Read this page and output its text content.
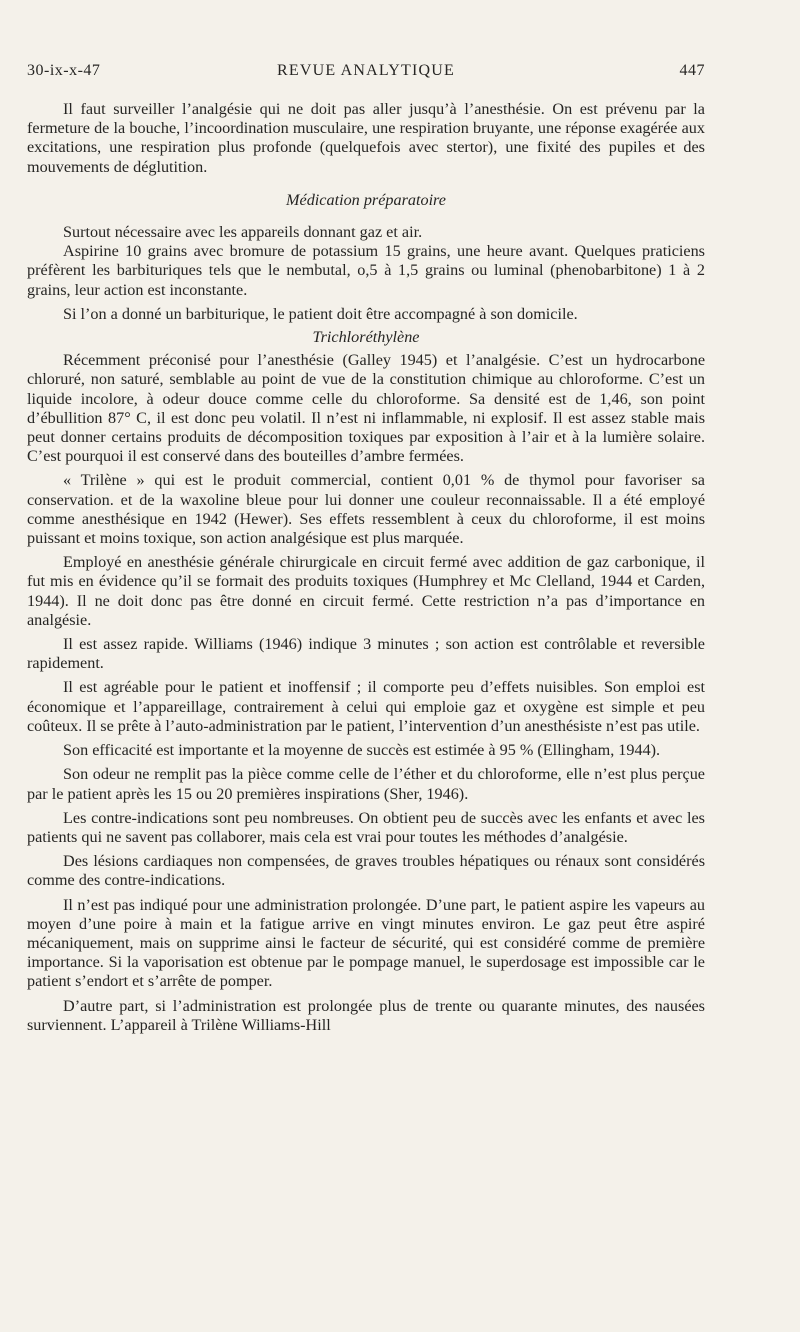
30-ix-x-47	REVUE ANALYTIQUE	447

Il faut surveiller l’analgésie qui ne doit pas aller jusqu’à l’anesthésie. On est prévenu par la fermeture de la bouche, l’incoordination musculaire, une respiration bruyante, une réponse exagérée aux excitations, une respiration plus profonde (quelquefois avec stertor), une fixité des pupiles et des mouvements de déglutition.

Médication préparatoire

Surtout nécessaire avec les appareils donnant gaz et air.

Aspirine 10 grains avec bromure de potassium 15 grains, une heure avant. Quelques praticiens préfèrent les barbituriques tels que le nembutal, o,5 à 1,5 grains ou luminal (phenobarbitone) 1 à 2 grains, leur action est inconstante.

Si l’on a donné un barbiturique, le patient doit être accompagné à son domicile.

Trichloréthylène

Récemment préconisé pour l’anesthésie (Galley 1945) et l’analgésie. C’est un hydrocarbone chloruré, non saturé, semblable au point de vue de la constitution chimique au chloroforme. C’est un liquide incolore, à odeur douce comme celle du chloroforme. Sa densité est de 1,46, son point d’ébullition 87° C, il est donc peu volatil. Il n’est ni inflammable, ni explosif. Il est assez stable mais peut donner certains produits de décomposition toxiques par exposition à l’air et à la lumière solaire. C’est pourquoi il est conservé dans des bouteilles d’ambre fermées.

« Trilène » qui est le produit commercial, contient 0,01 % de thymol pour favoriser sa conservation. et de la waxoline bleue pour lui donner une couleur reconnaissable. Il a été employé comme anesthésique en 1942 (Hewer). Ses effets ressemblent à ceux du chloroforme, il est moins puissant et moins toxique, son action analgésique est plus marquée.

Employé en anesthésie générale chirurgicale en circuit fermé avec addition de gaz carbonique, il fut mis en évidence qu’il se formait des produits toxiques (Humphrey et Mc Clelland, 1944 et Carden, 1944). Il ne doit donc pas être donné en circuit fermé. Cette restriction n’a pas d’importance en analgésie.

Il est assez rapide. Williams (1946) indique 3 minutes ; son action est contrôlable et reversible rapidement.

Il est agréable pour le patient et inoffensif ; il comporte peu d’effets nuisibles. Son emploi est économique et l’appareillage, contrairement à celui qui emploie gaz et oxygène est simple et peu coûteux. Il se prête à l’auto-administration par le patient, l’intervention d’un anesthésiste n’est pas utile.

Son efficacité est importante et la moyenne de succès est estimée à 95 % (Ellingham, 1944).

Son odeur ne remplit pas la pièce comme celle de l’éther et du chloroforme, elle n’est plus perçue par le patient après les 15 ou 20 premières inspirations (Sher, 1946).

Les contre-indications sont peu nombreuses. On obtient peu de succès avec les enfants et avec les patients qui ne savent pas collaborer, mais cela est vrai pour toutes les méthodes d’analgésie.

Des lésions cardiaques non compensées, de graves troubles hépatiques ou rénaux sont considérés comme des contre-indications.

Il n’est pas indiqué pour une administration prolongée. D’une part, le patient aspire les vapeurs au moyen d’une poire à main et la fatigue arrive en vingt minutes environ. Le gaz peut être aspiré mécaniquement, mais on supprime ainsi le facteur de sécurité, qui est considéré comme de première importance. Si la vaporisation est obtenue par le pompage manuel, le superdosage est impossible car le patient s’endort et s’arrête de pomper.

D’autre part, si l’administration est prolongée plus de trente ou quarante minutes, des nausées surviennent. L’appareil à Trilène Williams-Hill
